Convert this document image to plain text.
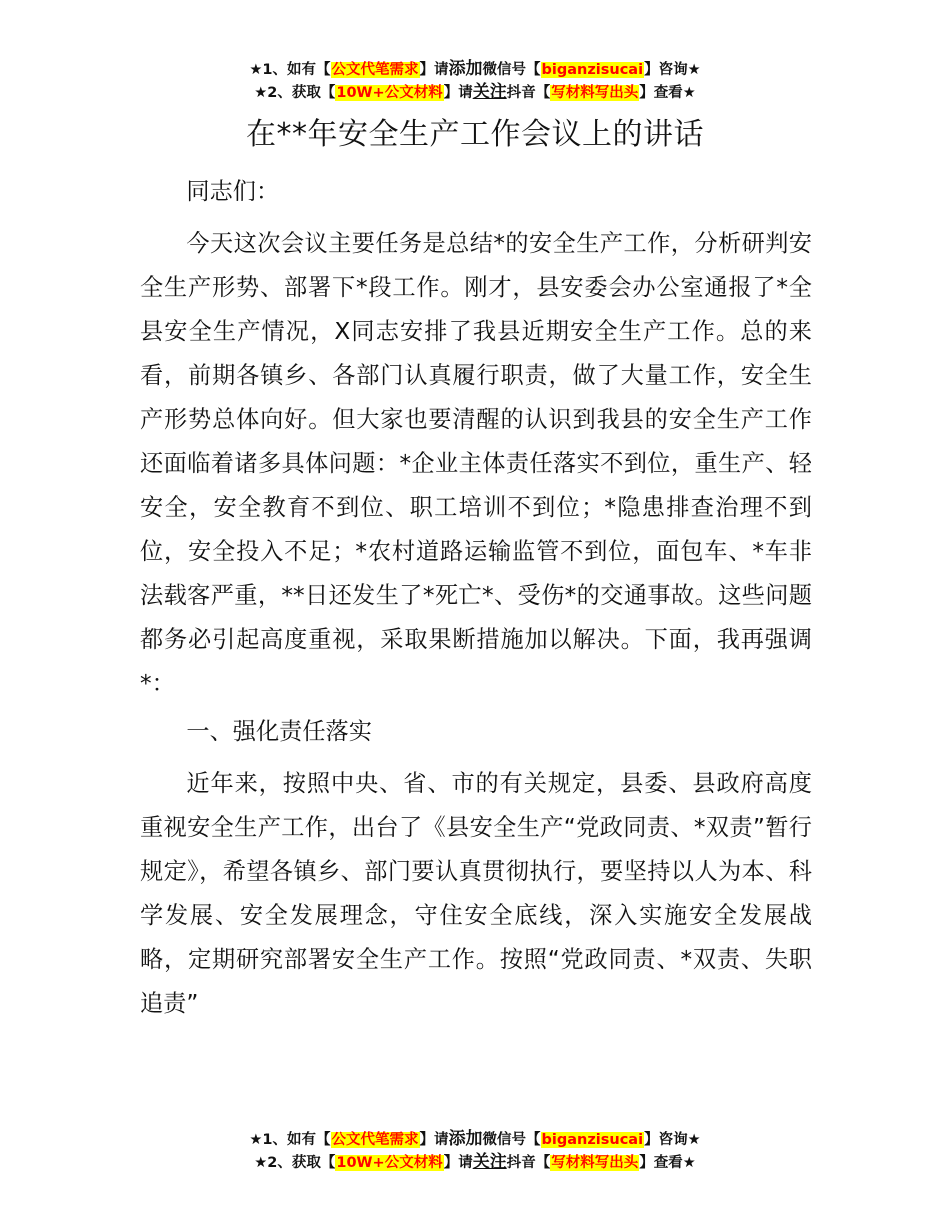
★1、如有【公文代笔需求】请添加微信号【biganzisucai】咨询★
★2、获取【10W+公文材料】请关注抖音【写材料写出头】查看★
在**年安全生产工作会议上的讲话

同志们：

今天这次会议主要任务是总结*的安全生产工作，分析研判安全生产形势、部署下*段工作。刚才，县安委会办公室通报了*全县安全生产情况，X同志安排了我县近期安全生产工作。总的来看，前期各镇乡、各部门认真履行职责，做了大量工作，安全生产形势总体向好。但大家也要清醒的认识到我县的安全生产工作还面临着诸多具体问题：*企业主体责任落实不到位，重生产、轻安全，安全教育不到位、职工培训不到位；*隐患排查治理不到位，安全投入不足；*农村道路运输监管不到位，面包车、*车非法载客严重，**日还发生了*死亡*、受伤*的交通事故。这些问题都务必引起高度重视，采取果断措施加以解决。下面，我再强调*：

一、强化责任落实

近年来，按照中央、省、市的有关规定，县委、县政府高度重视安全生产工作，出台了《县安全生产“党政同责、*双责”暂行规定》，希望各镇乡、部门要认真贯彻执行，要坚持以人为本、科学发展、安全发展理念，守住安全底线，深入实施安全发展战略，定期研究部署安全生产工作。按照“党政同责、*双责、失职追责”

★1、如有【公文代笔需求】请添加微信号【biganzisucai】咨询★
★2、获取【10W+公文材料】请关注抖音【写材料写出头】查看★
